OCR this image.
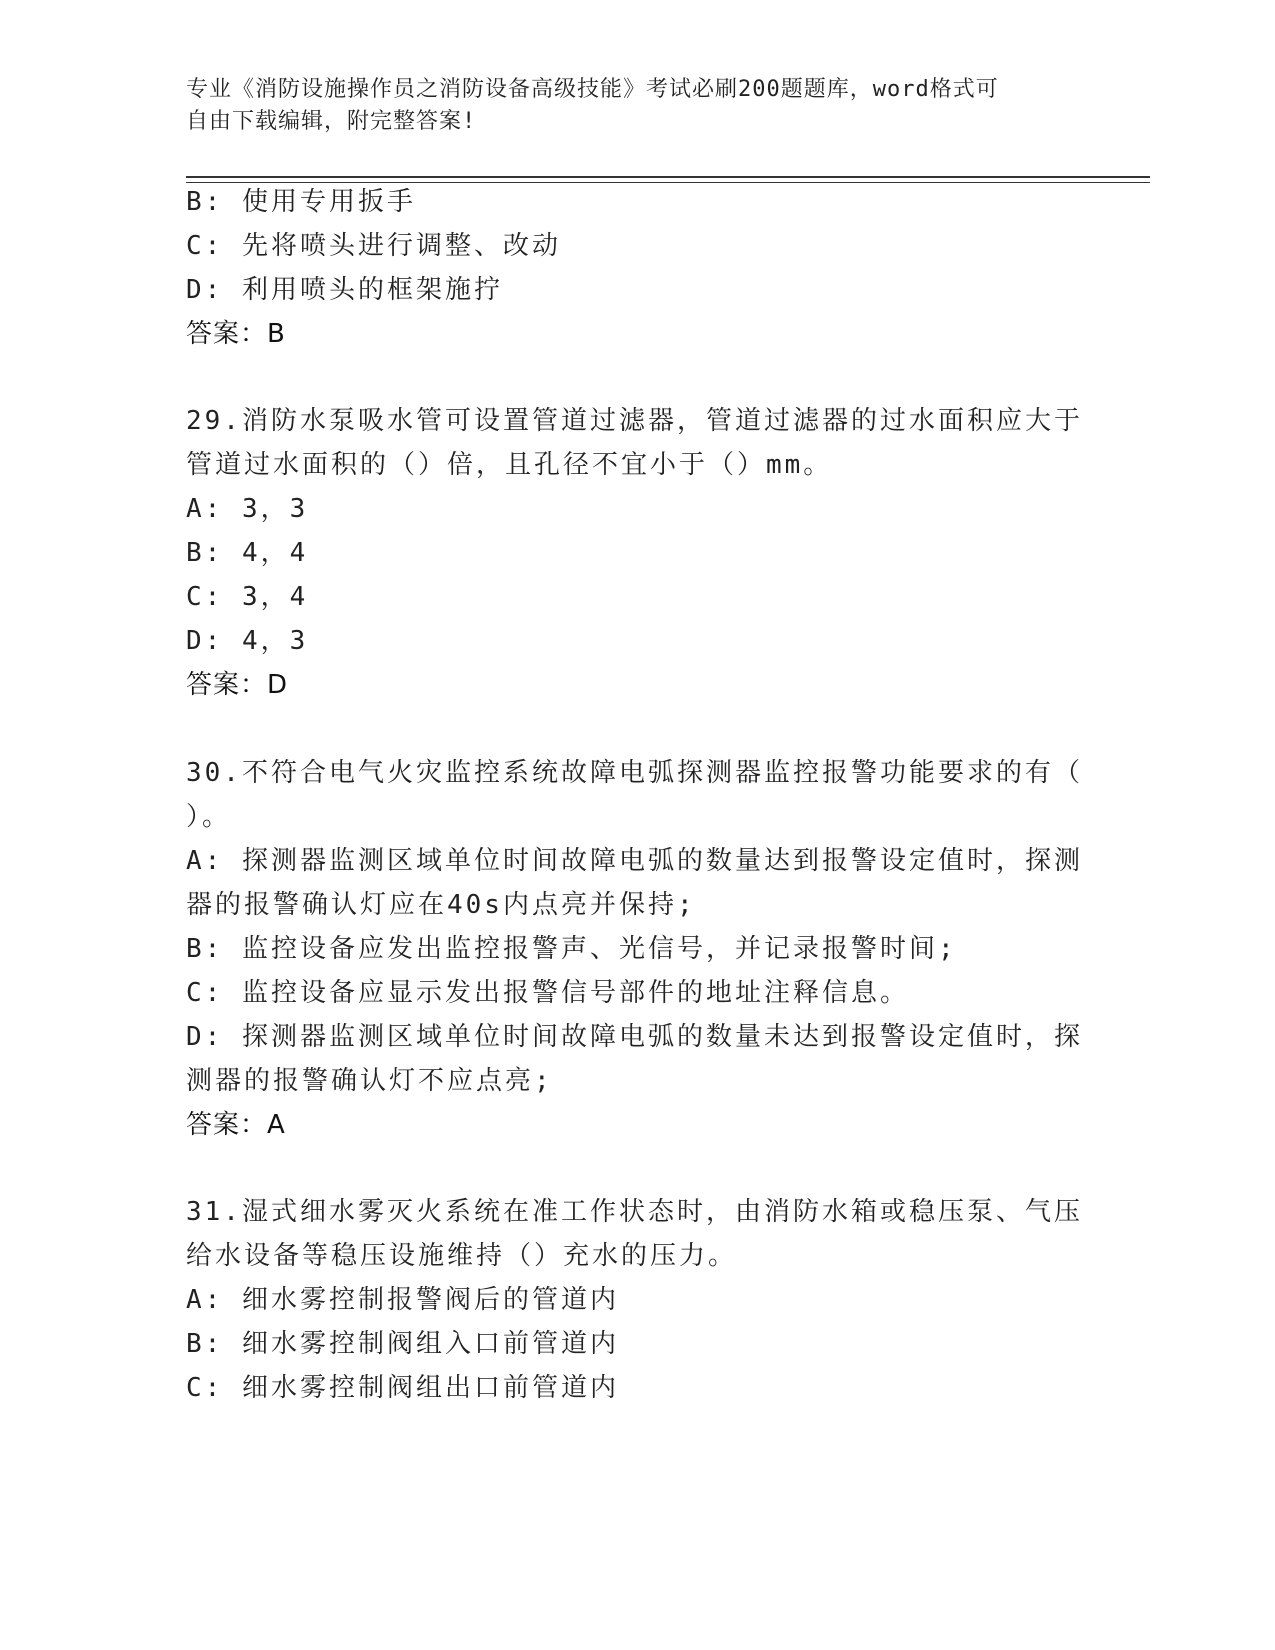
专业《消防设施操作员之消防设备高级技能》考试必刷200题题库，word格式可
自由下载编辑，附完整答案!
B: 使用专用扳手
C: 先将喷头进行调整、改动
D: 利用喷头的框架施拧
答案：B
29.消防水泵吸水管可设置管道过滤器，管道过滤器的过水面积应大于
管道过水面积的（）倍，且孔径不宜小于（）mm。
A: 3，3
B: 4，4
C: 3，4
D: 4，3
答案：D
30.不符合电气火灾监控系统故障电弧探测器监控报警功能要求的有（
）。
A: 探测器监测区域单位时间故障电弧的数量达到报警设定值时，探测
器的报警确认灯应在40s内点亮并保持;
B: 监控设备应发出监控报警声、光信号，并记录报警时间;
C: 监控设备应显示发出报警信号部件的地址注释信息。
D: 探测器监测区域单位时间故障电弧的数量未达到报警设定值时，探
测器的报警确认灯不应点亮;
答案：A
31.湿式细水雾灭火系统在准工作状态时，由消防水箱或稳压泵、气压
给水设备等稳压设施维持（）充水的压力。
A: 细水雾控制报警阀后的管道内
B: 细水雾控制阀组入口前管道内
C: 细水雾控制阀组出口前管道内
